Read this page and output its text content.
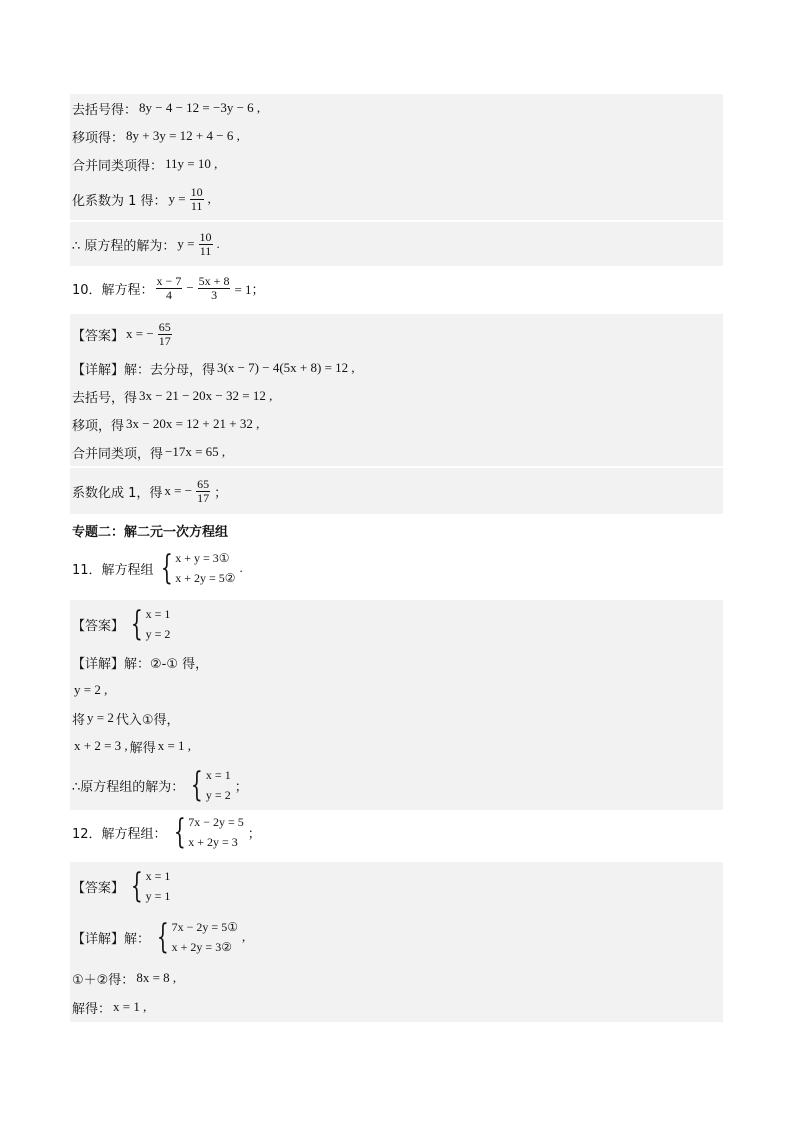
去括号得： 8y − 4 − 12 = −3y − 6 ,
移项得： 8y + 3y = 12 + 4 − 6 ,
合并同类项得： 11y = 10 ,
化系数为 1 得： $y = \frac{10}{11}$ ,
∴ 原方程的解为： $y = \frac{10}{11}$ .
10．解方程： $\frac{x - 7}{4} - \frac{5x + 8}{3} = 1$；
【答案】 x = − $\frac{65}{17}$
【详解】解：去分母，得 3(x − 7) − 4(5x + 8) = 12 ,
去括号，得 3x − 21 − 20x − 32 = 12 ,
移项，得 3x − 20x = 12 + 21 + 32 ,
合并同类项，得 −17x = 65 ,
系数化成 1，得 x = − $\frac{65}{17}$ ；
专题二：解二元一次方程组
11．解方程组 { x + y = 3①
x + 2y = 5②
.
【答案】 { x = 1
y = 2
【详解】解： ②-① 得，
y = 2 ,
将 y = 2 代入①得，
x + 2 = 3 , 解得 x = 1 ,
∴原方程组的解为： { x = 1
y = 2
；
12．解方程组： { 7x − 2y = 5
x + 2y = 3
；
【答案】 { x = 1
y = 1
【详解】解： { 7x − 2y = 5①
x + 2y = 3②
,
①＋②得： 8x = 8 ,
解得： x = 1 ,
